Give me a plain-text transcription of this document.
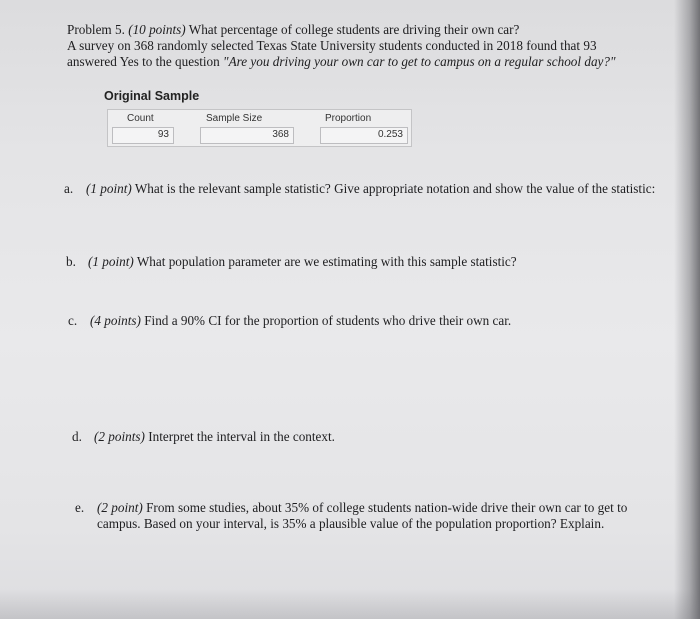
Problem 5. (10 points) What percentage of college students are driving their own car?
A survey on 368 randomly selected Texas State University students conducted in 2018 found that 93
answered Yes to the question "Are you driving your own car to get to campus on a regular school day?"
Original Sample
Count	Sample Size	Proportion
93	368	0.253
a. (1 point) What is the relevant sample statistic? Give appropriate notation and show the value of the statistic:
b. (1 point) What population parameter are we estimating with this sample statistic?
c. (4 points) Find a 90% CI for the proportion of students who drive their own car.
d. (2 points) Interpret the interval in the context.
e. (2 point) From some studies, about 35% of college students nation-wide drive their own car to get to
campus. Based on your interval, is 35% a plausible value of the population proportion? Explain.
